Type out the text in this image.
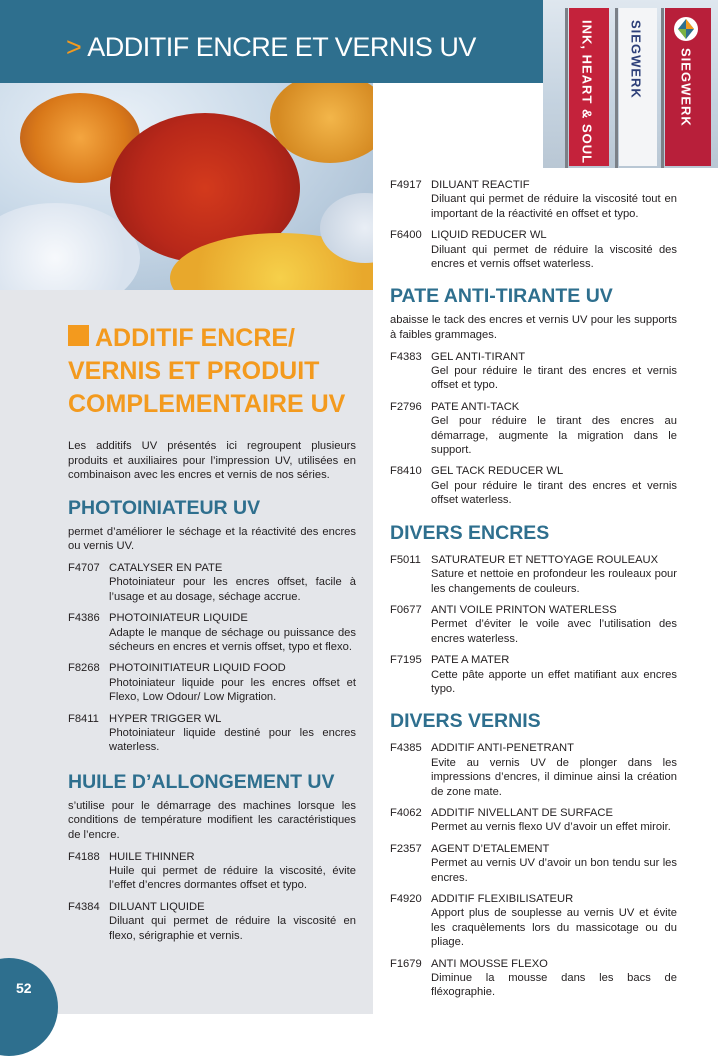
> ADDITIF ENCRE ET VERNIS UV	INK, HEART & SOUL	SIEGWERK	SIEGWERK
52
ADDITIF ENCRE/
VERNIS ET PRODUIT
COMPLEMENTAIRE UV
Les additifs UV présentés ici regroupent plusieurs produits et auxiliaires pour l’impression UV, utilisées en combinaison avec les encres et vernis de nos séries.
PHOTOINIATEUR UV
permet d’améliorer le séchage et la réactivité des encres ou vernis UV.
F4707 CATALYSER EN PATE
Photoiniateur pour les encres offset, facile à l’usage et au dosage, séchage accrue.
F4386 PHOTOINIATEUR LIQUIDE
Adapte le manque de séchage ou puissance des sécheurs en encres et vernis offset, typo et flexo.
F8268 PHOTOINITIATEUR LIQUID FOOD
Photoiniateur liquide pour les encres offset et Flexo, Low Odour/ Low Migration.
F8411 HYPER TRIGGER WL
Photoiniateur liquide destiné pour les encres waterless.
HUILE D’ALLONGEMENT UV
s’utilise pour le démarrage des machines lorsque les conditions de température modifient les caractéristiques de l’encre.
F4188 HUILE THINNER
Huile qui permet de réduire la viscosité, évite l’effet d’encres dormantes offset et typo.
F4384 DILUANT LIQUIDE
Diluant qui permet de réduire la viscosité en flexo, sérigraphie et vernis.
F4917 DILUANT REACTIF
Diluant qui permet de réduire la viscosité tout en important de la réactivité en offset et typo.
F6400 LIQUID REDUCER WL
Diluant qui permet de réduire la viscosité des encres et vernis offset waterless.
PATE ANTI-TIRANTE UV
abaisse le tack des encres et vernis UV pour les supports à faibles grammages.
F4383 GEL ANTI-TIRANT
Gel pour réduire le tirant des encres et vernis offset et typo.
F2796 PATE ANTI-TACK
Gel pour réduire le tirant des encres au démarrage, augmente la migration dans le support.
F8410 GEL TACK REDUCER WL
Gel pour réduire le tirant des encres et vernis offset waterless.
DIVERS ENCRES
F5011 SATURATEUR ET NETTOYAGE ROULEAUX
Sature et nettoie en profondeur les rouleaux pour les changements de couleurs.
F0677 ANTI VOILE PRINTON WATERLESS
Permet d’éviter le voile avec l’utilisation des encres waterless.
F7195 PATE A MATER
Cette pâte apporte un effet matifiant aux encres typo.
DIVERS VERNIS
F4385 ADDITIF ANTI-PENETRANT
Evite au vernis UV de plonger dans les impressions d’encres, il diminue ainsi la création de zone mate.
F4062 ADDITIF NIVELLANT DE SURFACE
Permet au vernis flexo UV d’avoir un effet miroir.
F2357 AGENT D’ETALEMENT
Permet au vernis UV d’avoir un bon tendu sur les encres.
F4920 ADDITIF FLEXIBILISATEUR
Apport plus de souplesse au vernis UV et évite les craquèlements lors du massicotage ou du pliage.
F1679 ANTI MOUSSE FLEXO
Diminue la mousse dans les bacs de fléxographie.
